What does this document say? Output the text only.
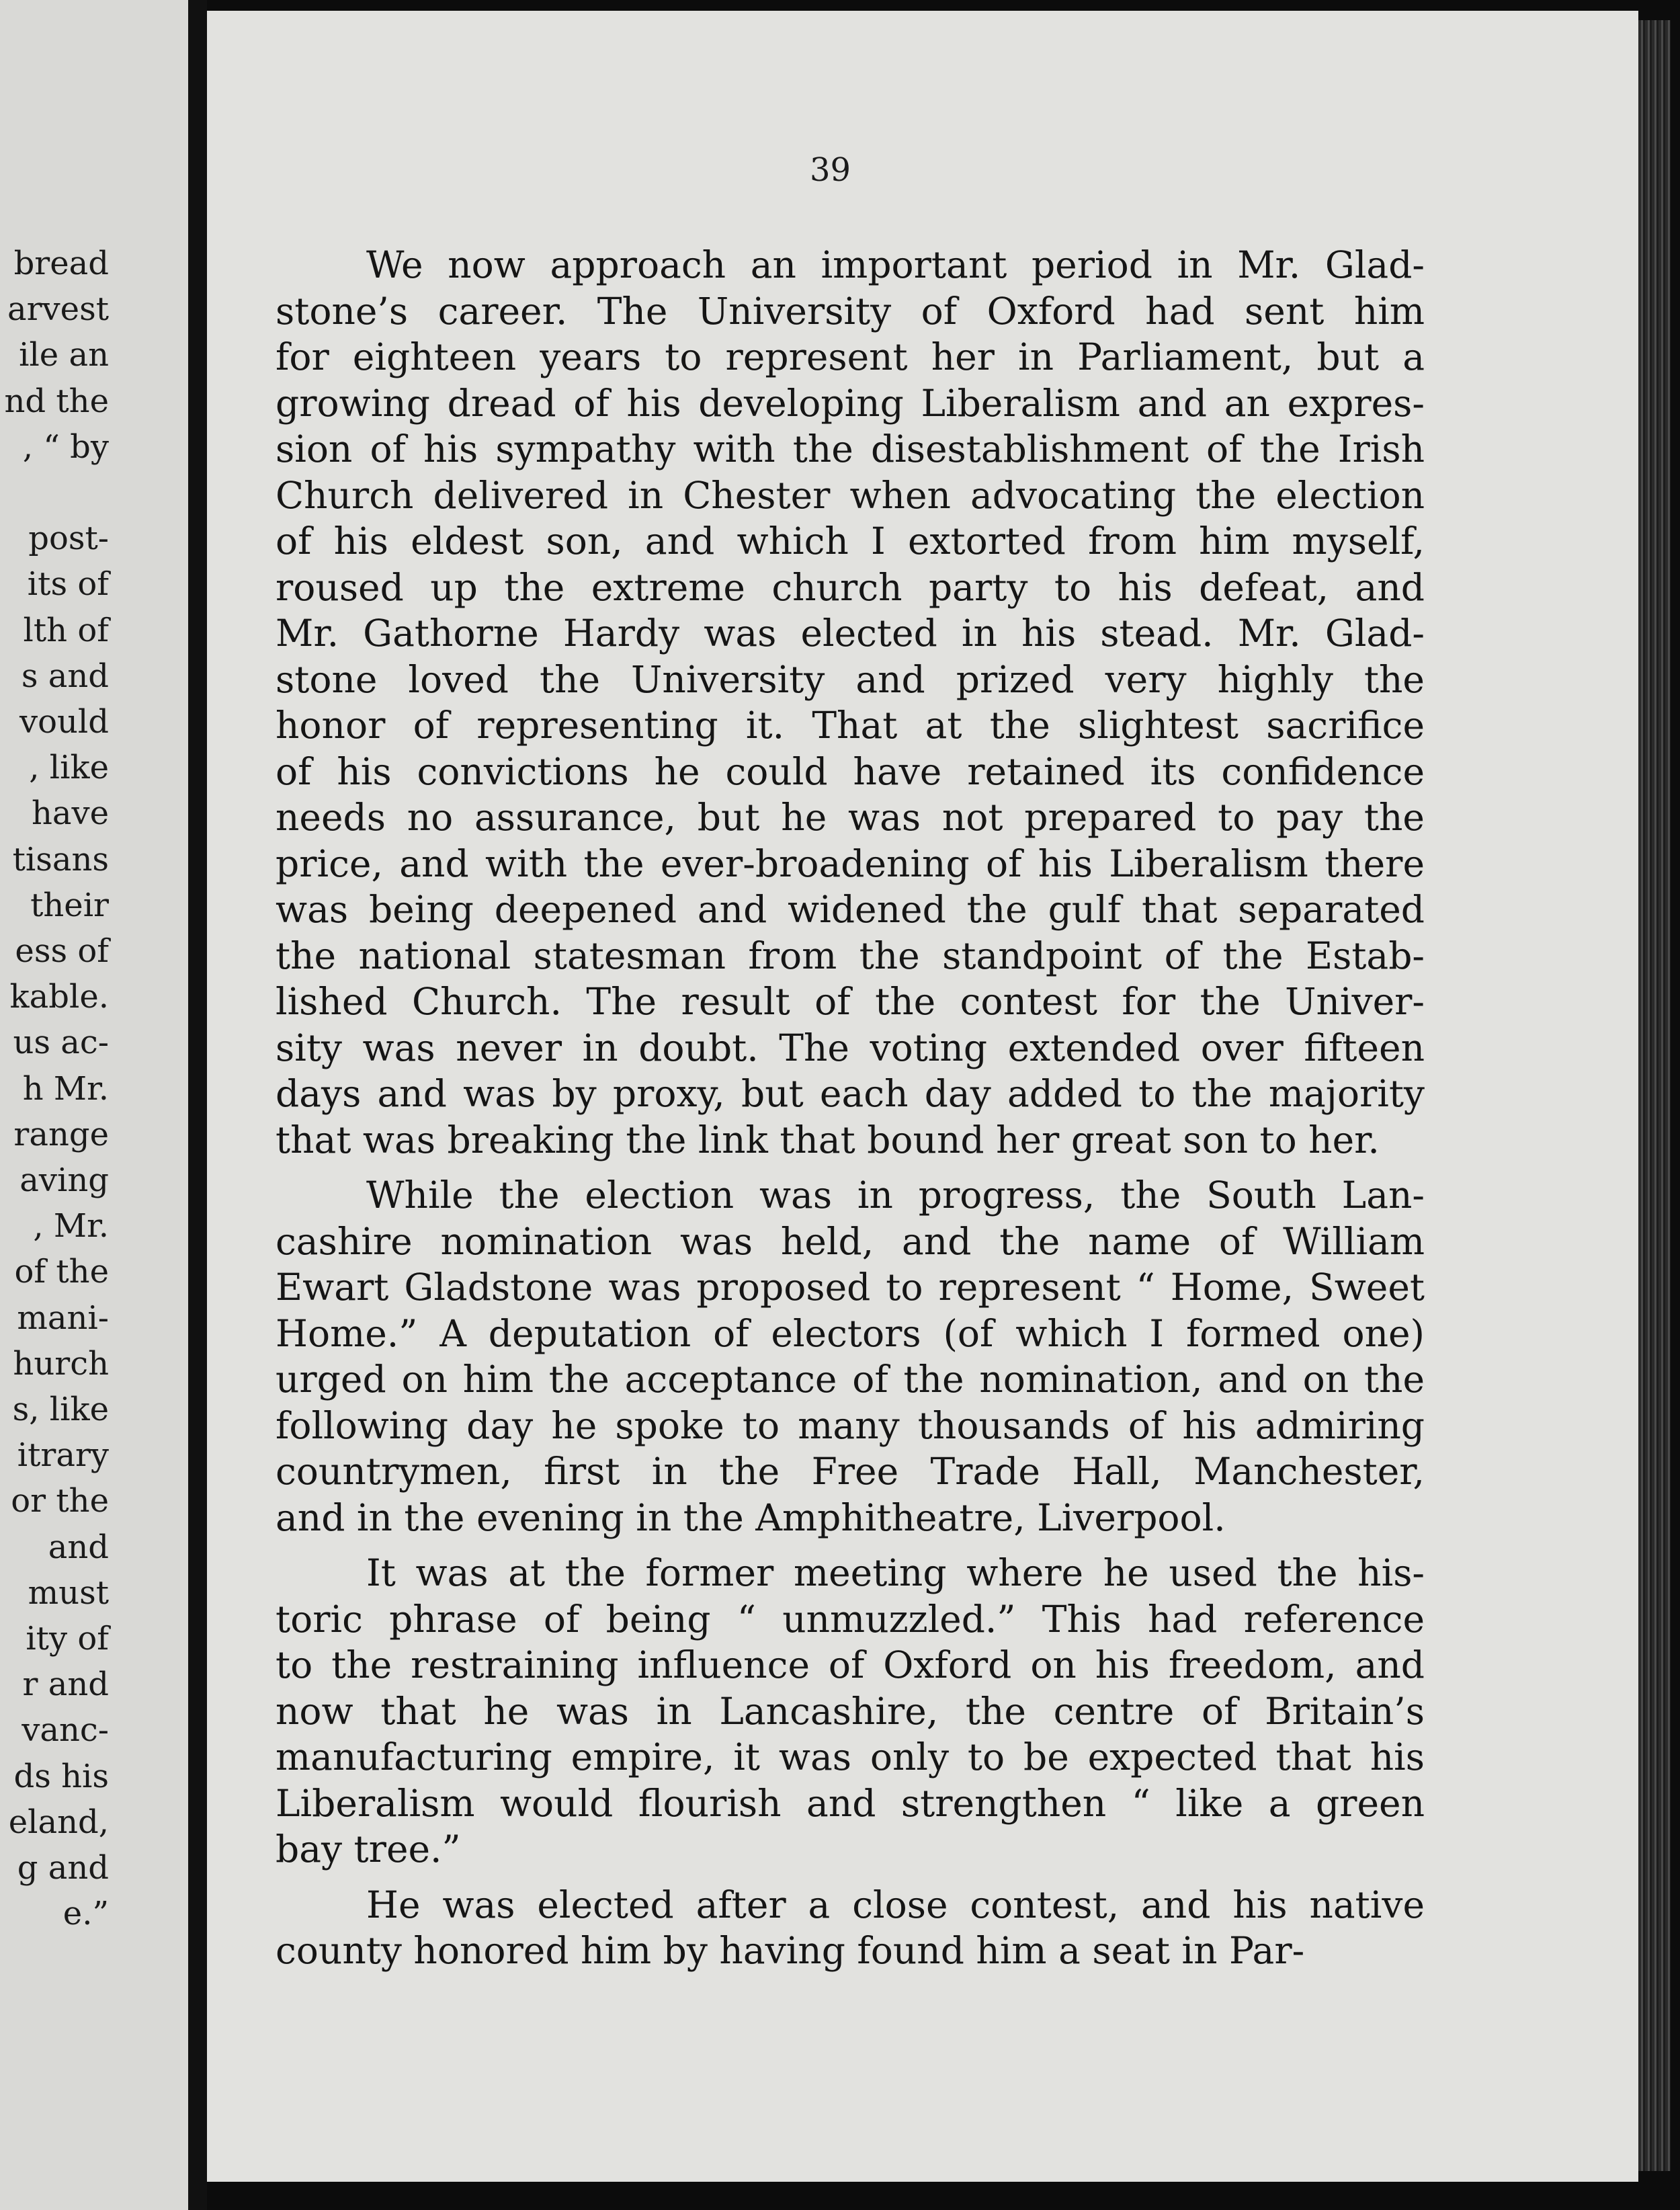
bread
arvest
ile an
nd the
, “ by
post-
its of
lth of
s and
vould
, like
have
tisans
their
ess of
kable.
us ac-
h Mr.
range
aving
, Mr.
of the
mani-
hurch
s, like
itrary
or the
and
must
ity of
r and
vanc-
ds his
eland,
g and
e.”
39
We now approach an important period in Mr. Glad-
stone’s career. The University of Oxford had sent him
for eighteen years to represent her in Parliament, but a
growing dread of his developing Liberalism and an expres-
sion of his sympathy with the disestablishment of the Irish
Church delivered in Chester when advocating the election
of his eldest son, and which I extorted from him myself,
roused up the extreme church party to his defeat, and
Mr. Gathorne Hardy was elected in his stead. Mr. Glad-
stone loved the University and prized very highly the
honor of representing it. That at the slightest sacrifice
of his convictions he could have retained its confidence
needs no assurance, but he was not prepared to pay the
price, and with the ever-broadening of his Liberalism there
was being deepened and widened the gulf that separated
the national statesman from the standpoint of the Estab-
lished Church. The result of the contest for the Univer-
sity was never in doubt. The voting extended over fifteen
days and was by proxy, but each day added to the majority
that was breaking the link that bound her great son to her.
While the election was in progress, the South Lan-
cashire nomination was held, and the name of William
Ewart Gladstone was proposed to represent “ Home, Sweet
Home.” A deputation of electors (of which I formed one)
urged on him the acceptance of the nomination, and on the
following day he spoke to many thousands of his admiring
countrymen, first in the Free Trade Hall, Manchester,
and in the evening in the Amphitheatre, Liverpool.
It was at the former meeting where he used the his-
toric phrase of being “ unmuzzled.” This had reference
to the restraining influence of Oxford on his freedom, and
now that he was in Lancashire, the centre of Britain’s
manufacturing empire, it was only to be expected that his
Liberalism would flourish and strengthen “ like a green
bay tree.”
He was elected after a close contest, and his native
county honored him by having found him a seat in Par-
